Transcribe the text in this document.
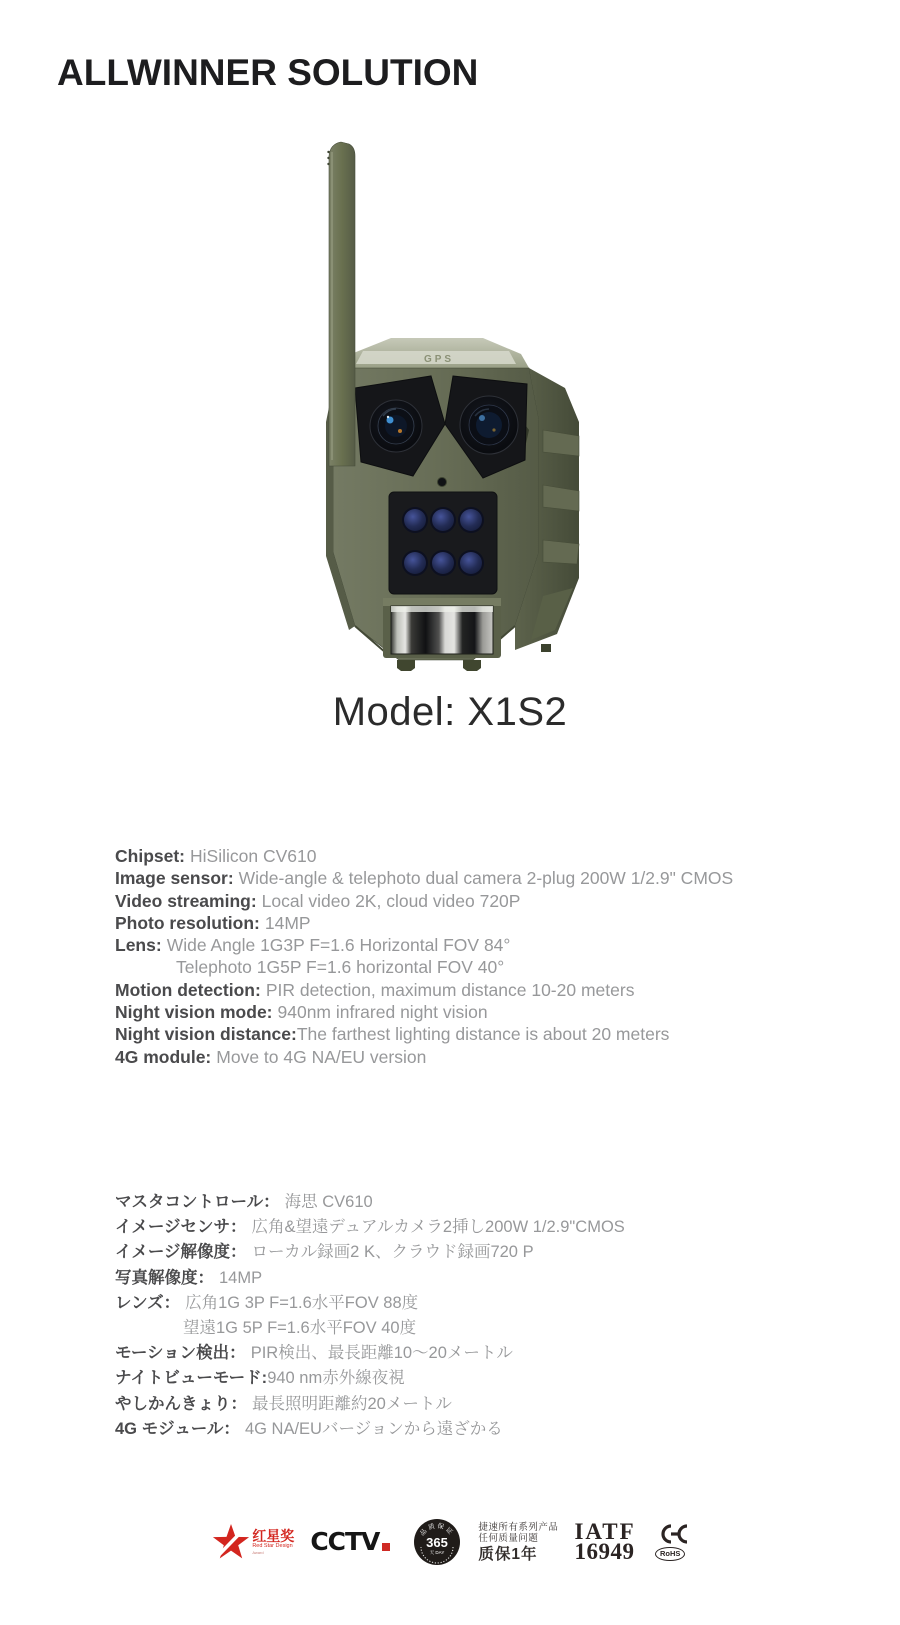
ALLWINNER SOLUTION
GPS
Model: X1S2
Chipset: HiSilicon CV610
Image sensor: Wide-angle & telephoto dual camera 2-plug 200W 1/2.9" CMOS
Video streaming: Local video 2K, cloud video 720P
Photo resolution: 14MP
Lens: Wide Angle 1G3P F=1.6 Horizontal FOV 84°
Telephoto 1G5P F=1.6 horizontal FOV 40°
Motion detection: PIR detection, maximum distance 10-20 meters
Night vision mode: 940nm infrared night vision
Night vision distance:The farthest lighting distance is about 20 meters
4G module: Move to 4G NA/EU version
マスタコントロール： 海思 CV610
イメージセンサ： 広角&望遠デュアルカメラ2挿し200W 1/2.9"CMOS
イメージ解像度： ローカル録画2 K、クラウド録画720 P
写真解像度： 14MP
レンズ： 広角1G 3P F=1.6水平FOV 88度
望遠1G 5P F=1.6水平FOV 40度
モーション検出： PIR検出、最長距離10～20メートル
ナイトビューモード:940 nm赤外線夜視
やしかんきょり： 最長照明距離約20メートル
4G モジュール： 4G NA/EUバージョンから遠ざかる
红星奖
Red Star Design
Award	CCTV	品质保证
365
天 DAY
捷速所有系列产品
任何质量问题
质保1年
IATF
16949	RoHS
